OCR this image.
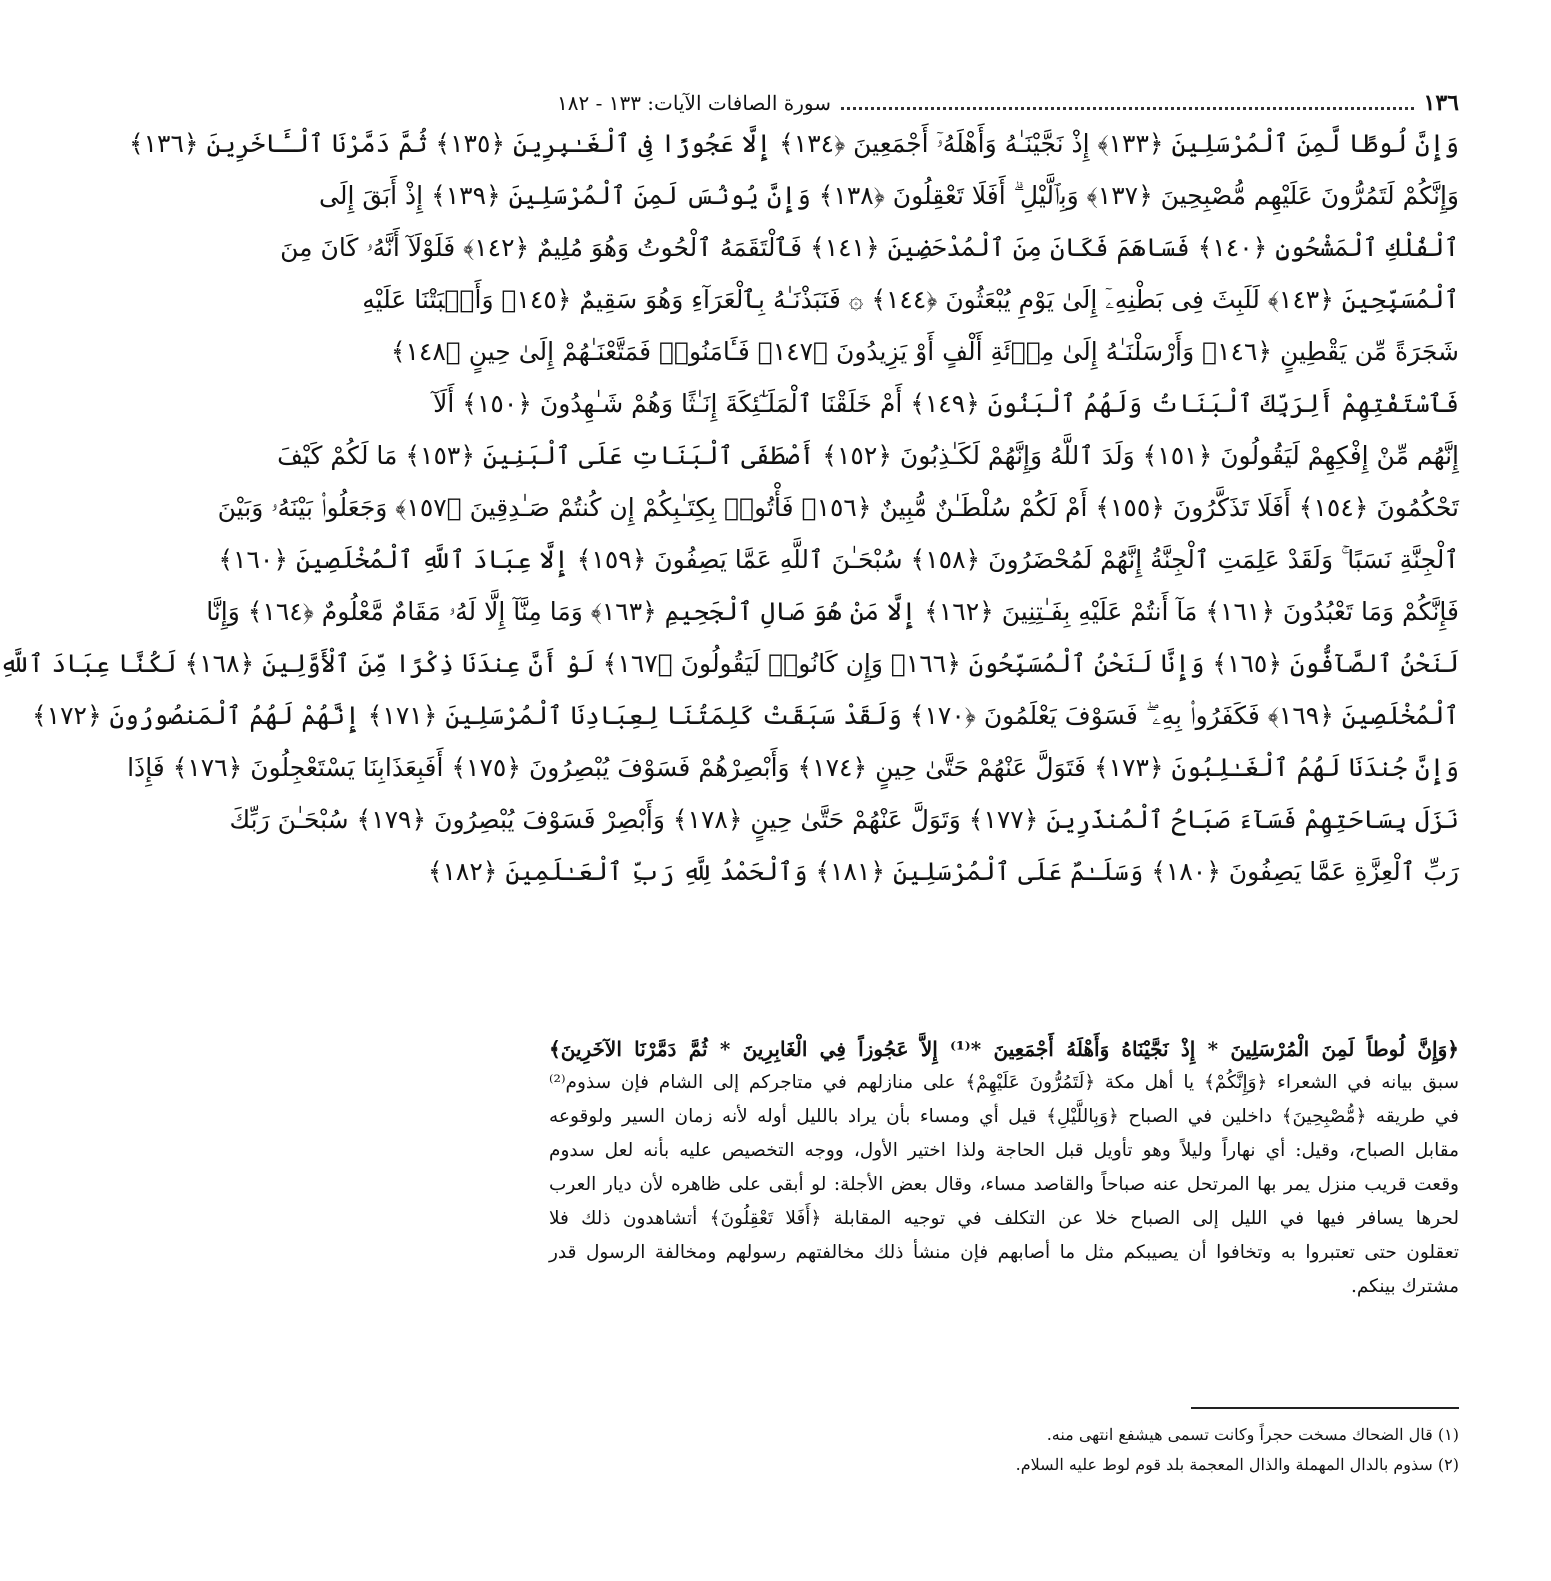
١٣٦
سورة الصافات الآيات: ١٣٣ - ١٨٢
وَإِنَّ لُوطًا لَّمِنَ ٱلْمُرْسَلِينَ ﴿١٣٣﴾ إِذْ نَجَّيْنَـٰهُ وَأَهْلَهُۥٓ أَجْمَعِينَ ﴿١٣٤﴾ إِلَّا عَجُوزًا فِى ٱلْغَـٰبِرِينَ ﴿١٣٥﴾ ثُمَّ دَمَّرْنَا ٱلْـَٔاخَرِينَ ﴿١٣٦﴾
وَإِنَّكُمْ لَتَمُرُّونَ عَلَيْهِم مُّصْبِحِينَ ﴿١٣٧﴾ وَبِٱلَّيْلِ ۗ أَفَلَا تَعْقِلُونَ ﴿١٣٨﴾ وَإِنَّ يُونُسَ لَمِنَ ٱلْمُرْسَلِينَ ﴿١٣٩﴾ إِذْ أَبَقَ إِلَى
ٱلْفُلْكِ ٱلْمَشْحُونِ ﴿١٤٠﴾ فَسَاهَمَ فَكَانَ مِنَ ٱلْمُدْحَضِينَ ﴿١٤١﴾ فَٱلْتَقَمَهُ ٱلْحُوتُ وَهُوَ مُلِيمٌ ﴿١٤٢﴾ فَلَوْلَآ أَنَّهُۥ كَانَ مِنَ
ٱلْمُسَبِّحِينَ ﴿١٤٣﴾ لَلَبِثَ فِى بَطْنِهِۦٓ إِلَىٰ يَوْمِ يُبْعَثُونَ ﴿١٤٤﴾ ۞ فَنَبَذْنَـٰهُ بِٱلْعَرَآءِ وَهُوَ سَقِيمٌ ﴿١٤٥﴾ وَأَنۢبَتْنَا عَلَيْهِ
شَجَرَةً مِّن يَقْطِينٍ ﴿١٤٦﴾ وَأَرْسَلْنَـٰهُ إِلَىٰ مِا۟ئَةِ أَلْفٍ أَوْ يَزِيدُونَ ﴿١٤٧﴾ فَـَٔامَنُوا۟ فَمَتَّعْنَـٰهُمْ إِلَىٰ حِينٍ ﴿١٤٨﴾
فَٱسْتَفْتِهِمْ أَلِرَبِّكَ ٱلْبَنَاتُ وَلَهُمُ ٱلْبَنُونَ ﴿١٤٩﴾ أَمْ خَلَقْنَا ٱلْمَلَـٰٓئِكَةَ إِنَـٰثًا وَهُمْ شَـٰهِدُونَ ﴿١٥٠﴾ أَلَآ
إِنَّهُم مِّنْ إِفْكِهِمْ لَيَقُولُونَ ﴿١٥١﴾ وَلَدَ ٱللَّهُ وَإِنَّهُمْ لَكَـٰذِبُونَ ﴿١٥٢﴾ أَصْطَفَى ٱلْبَنَاتِ عَلَى ٱلْبَنِينَ ﴿١٥٣﴾ مَا لَكُمْ كَيْفَ
تَحْكُمُونَ ﴿١٥٤﴾ أَفَلَا تَذَكَّرُونَ ﴿١٥٥﴾ أَمْ لَكُمْ سُلْطَـٰنٌ مُّبِينٌ ﴿١٥٦﴾ فَأْتُوا۟ بِكِتَـٰبِكُمْ إِن كُنتُمْ صَـٰدِقِينَ ﴿١٥٧﴾ وَجَعَلُوا۟ بَيْنَهُۥ وَبَيْنَ
ٱلْجِنَّةِ نَسَبًا ۚ وَلَقَدْ عَلِمَتِ ٱلْجِنَّةُ إِنَّهُمْ لَمُحْضَرُونَ ﴿١٥٨﴾ سُبْحَـٰنَ ٱللَّهِ عَمَّا يَصِفُونَ ﴿١٥٩﴾ إِلَّا عِبَادَ ٱللَّهِ ٱلْمُخْلَصِينَ ﴿١٦٠﴾
فَإِنَّكُمْ وَمَا تَعْبُدُونَ ﴿١٦١﴾ مَآ أَنتُمْ عَلَيْهِ بِفَـٰتِنِينَ ﴿١٦٢﴾ إِلَّا مَنْ هُوَ صَالِ ٱلْجَحِيمِ ﴿١٦٣﴾ وَمَا مِنَّآ إِلَّا لَهُۥ مَقَامٌ مَّعْلُومٌ ﴿١٦٤﴾ وَإِنَّا
لَنَحْنُ ٱلصَّآفُّونَ ﴿١٦٥﴾ وَإِنَّا لَنَحْنُ ٱلْمُسَبِّحُونَ ﴿١٦٦﴾ وَإِن كَانُوا۟ لَيَقُولُونَ ﴿١٦٧﴾ لَوْ أَنَّ عِندَنَا ذِكْرًا مِّنَ ٱلْأَوَّلِينَ ﴿١٦٨﴾ لَكُنَّا عِبَادَ ٱللَّهِ
ٱلْمُخْلَصِينَ ﴿١٦٩﴾ فَكَفَرُوا۟ بِهِۦ ۖ فَسَوْفَ يَعْلَمُونَ ﴿١٧٠﴾ وَلَقَدْ سَبَقَتْ كَلِمَتُنَا لِعِبَادِنَا ٱلْمُرْسَلِينَ ﴿١٧١﴾ إِنَّهُمْ لَهُمُ ٱلْمَنصُورُونَ ﴿١٧٢﴾
وَإِنَّ جُندَنَا لَهُمُ ٱلْغَـٰلِبُونَ ﴿١٧٣﴾ فَتَوَلَّ عَنْهُمْ حَتَّىٰ حِينٍ ﴿١٧٤﴾ وَأَبْصِرْهُمْ فَسَوْفَ يُبْصِرُونَ ﴿١٧٥﴾ أَفَبِعَذَابِنَا يَسْتَعْجِلُونَ ﴿١٧٦﴾ فَإِذَا
نَزَلَ بِسَاحَتِهِمْ فَسَآءَ صَبَاحُ ٱلْمُنذَرِينَ ﴿١٧٧﴾ وَتَوَلَّ عَنْهُمْ حَتَّىٰ حِينٍ ﴿١٧٨﴾ وَأَبْصِرْ فَسَوْفَ يُبْصِرُونَ ﴿١٧٩﴾ سُبْحَـٰنَ رَبِّكَ
رَبِّ ٱلْعِزَّةِ عَمَّا يَصِفُونَ ﴿١٨٠﴾ وَسَلَـٰمٌ عَلَى ٱلْمُرْسَلِينَ ﴿١٨١﴾ وَٱلْحَمْدُ لِلَّهِ رَبِّ ٱلْعَـٰلَمِينَ ﴿١٨٢﴾
﴿وَإِنَّ لُوطاً لَمِنَ الْمُرْسَلِينَ * إِذْ نَجَّيْنَاهُ وَأَهْلَهُ أَجْمَعِينَ *⁽¹⁾ إِلاَّ عَجُوزاً فِي الْغَابِرِينَ * ثُمَّ دَمَّرْنَا الآخَرِينَ﴾
سبق بيانه في الشعراء ﴿وَإِنَّكُمْ﴾ يا أهل مكة ﴿لَتَمُرُّونَ عَلَيْهِمْ﴾ على منازلهم في متاجركم إلى الشام فإن سذوم⁽²⁾
في طريقه ﴿مُّصْبِحِينَ﴾ داخلين في الصباح ﴿وَبِاللَّيْلِ﴾ قيل أي ومساء بأن يراد بالليل أوله لأنه زمان السير ولوقوعه
مقابل الصباح، وقيل: أي نهاراً وليلاً وهو تأويل قبل الحاجة ولذا اختير الأول، ووجه التخصيص عليه بأنه لعل سدوم
وقعت قريب منزل يمر بها المرتحل عنه صباحاً والقاصد مساء، وقال بعض الأجلة: لو أبقى على ظاهره لأن ديار العرب
لحرها يسافر فيها في الليل إلى الصباح خلا عن التكلف في توجيه المقابلة ﴿أَفَلا تَعْقِلُونَ﴾ أتشاهدون ذلك فلا
تعقلون حتى تعتبروا به وتخافوا أن يصيبكم مثل ما أصابهم فإن منشأ ذلك مخالفتهم رسولهم ومخالفة الرسول قدر
مشترك بينكم.
(١) قال الضحاك مسخت حجراً وكانت تسمى هيشفع انتهى منه.
(٢) سذوم بالدال المهملة والذال المعجمة بلد قوم لوط عليه السلام.
